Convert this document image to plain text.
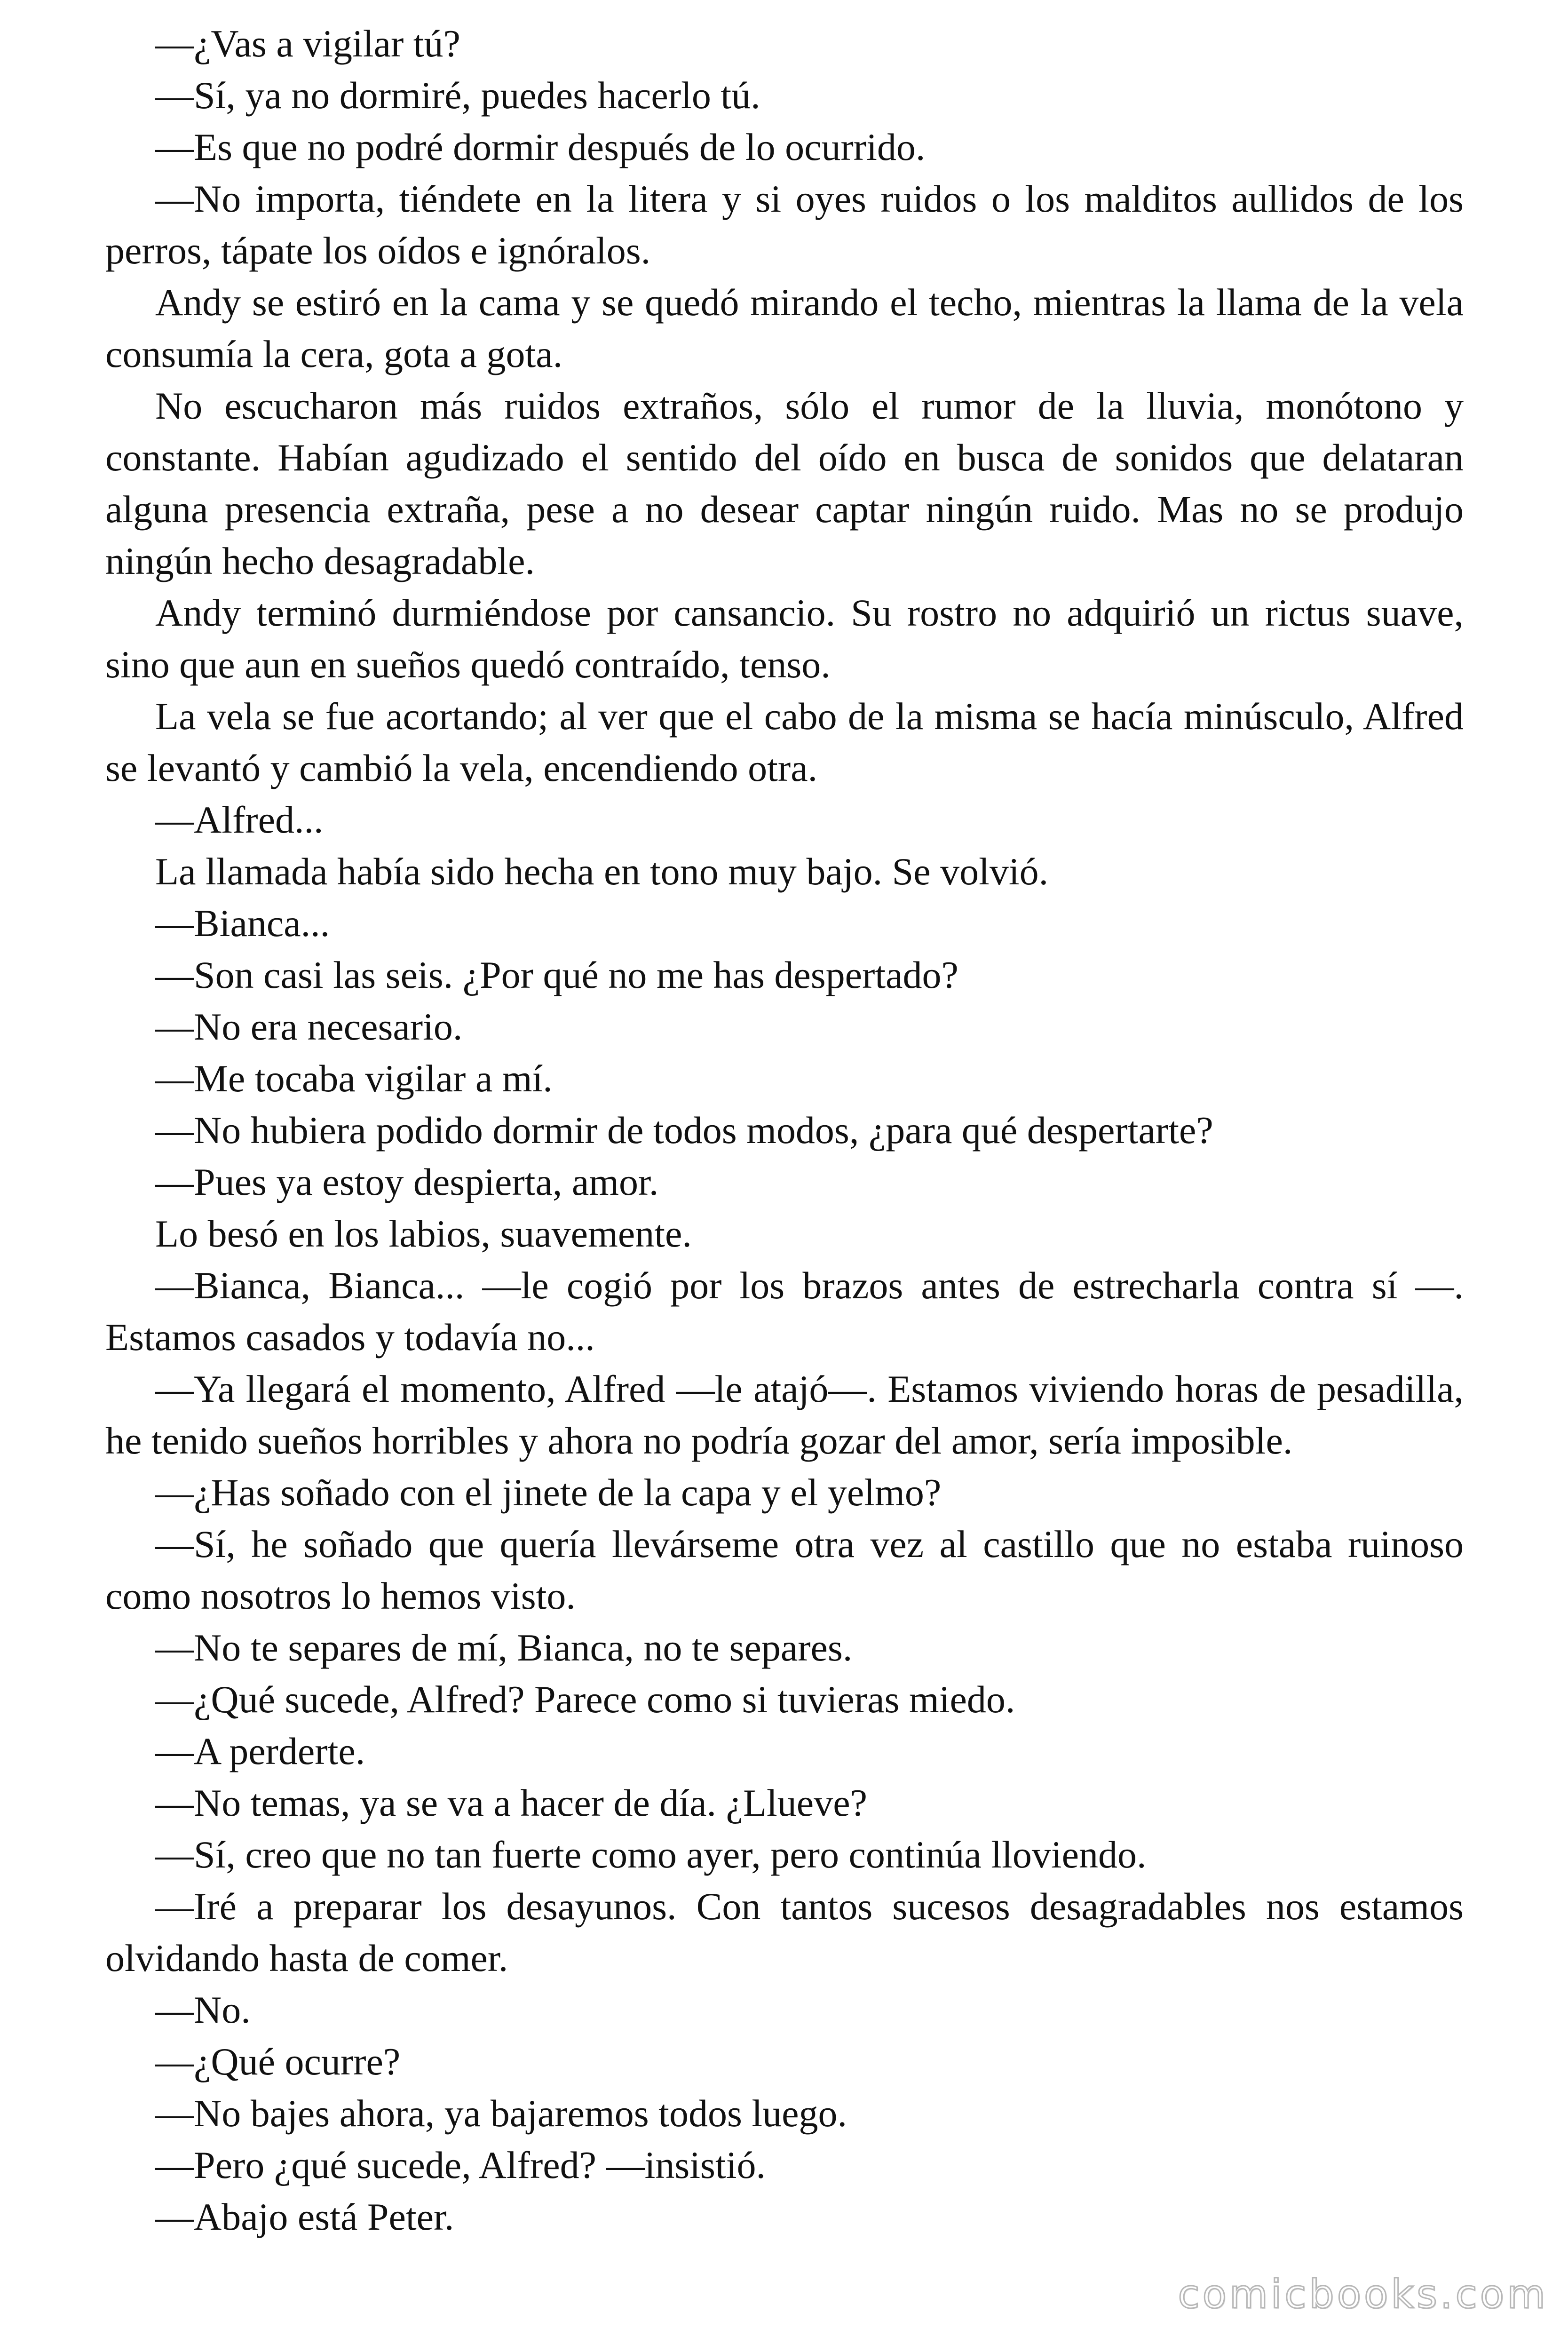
—¿Vas a vigilar tú?

—Sí, ya no dormiré, puedes hacerlo tú.

—Es que no podré dormir después de lo ocurrido.

—No importa, tiéndete en la litera y si oyes ruidos o los malditos aullidos de los perros, tápate los oídos e ignóralos.

Andy se estiró en la cama y se quedó mirando el techo, mientras la llama de la vela consumía la cera, gota a gota.

No escucharon más ruidos extraños, sólo el rumor de la lluvia, monótono y constante. Habían agudizado el sentido del oído en busca de sonidos que delataran alguna presencia extraña, pese a no desear captar ningún ruido. Mas no se produjo ningún hecho desagradable.

Andy terminó durmiéndose por cansancio. Su rostro no adquirió un rictus suave, sino que aun en sueños quedó contraído, tenso.

La vela se fue acortando; al ver que el cabo de la misma se hacía minúsculo, Alfred se levantó y cambió la vela, encendiendo otra.

—Alfred...

La llamada había sido hecha en tono muy bajo. Se volvió.

—Bianca...

—Son casi las seis. ¿Por qué no me has despertado?

—No era necesario.

—Me tocaba vigilar a mí.

—No hubiera podido dormir de todos modos, ¿para qué despertarte?

—Pues ya estoy despierta, amor.

Lo besó en los labios, suavemente.

—Bianca, Bianca... —le cogió por los brazos antes de estrecharla contra sí —. Estamos casados y todavía no...

—Ya llegará el momento, Alfred —le atajó—. Estamos viviendo horas de pesadilla, he tenido sueños horribles y ahora no podría gozar del amor, sería imposible.

—¿Has soñado con el jinete de la capa y el yelmo?

—Sí, he soñado que quería llevárseme otra vez al castillo que no estaba ruinoso como nosotros lo hemos visto.

—No te separes de mí, Bianca, no te separes.

—¿Qué sucede, Alfred? Parece como si tuvieras miedo.

—A perderte.

—No temas, ya se va a hacer de día. ¿Llueve?

—Sí, creo que no tan fuerte como ayer, pero continúa lloviendo.

—Iré a preparar los desayunos. Con tantos sucesos desagradables nos estamos olvidando hasta de comer.

—No.

—¿Qué ocurre?

—No bajes ahora, ya bajaremos todos luego.

—Pero ¿qué sucede, Alfred? —insistió.

—Abajo está Peter.

comicbooks.com
